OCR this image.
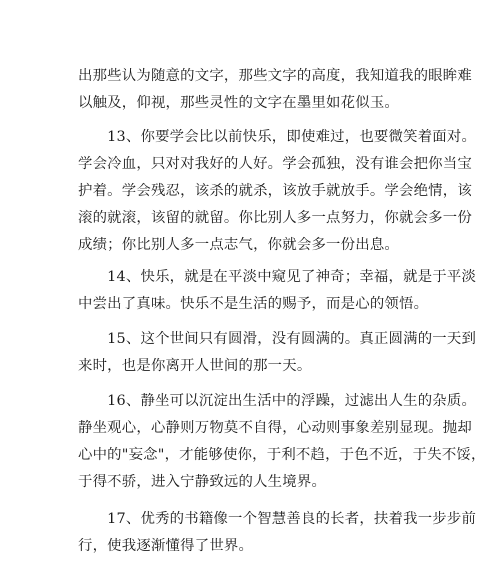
出那些认为随意的文字，那些文字的高度，我知道我的眼眸难
以触及，仰视，那些灵性的文字在墨里如花似玉。
　　13、你要学会比以前快乐，即使难过，也要微笑着面对。
学会冷血，只对对我好的人好。学会孤独，没有谁会把你当宝
护着。学会残忍，该杀的就杀，该放手就放手。学会绝情，该
滚的就滚，该留的就留。你比别人多一点努力，你就会多一份
成绩；你比别人多一点志气，你就会多一份出息。
　　14、快乐，就是在平淡中窥见了神奇；幸福，就是于平淡
中尝出了真味。快乐不是生活的赐予，而是心的领悟。
　　15、这个世间只有圆滑，没有圆满的。真正圆满的一天到
来时，也是你离开人世间的那一天。
　　16、静坐可以沉淀出生活中的浮躁，过滤出人生的杂质。
静坐观心，心静则万物莫不自得，心动则事象差别显现。抛却
心中的"妄念"，才能够使你，于利不趋，于色不近，于失不馁，
于得不骄，进入宁静致远的人生境界。
　　17、优秀的书籍像一个智慧善良的长者，扶着我一步步前
行，使我逐渐懂得了世界。
